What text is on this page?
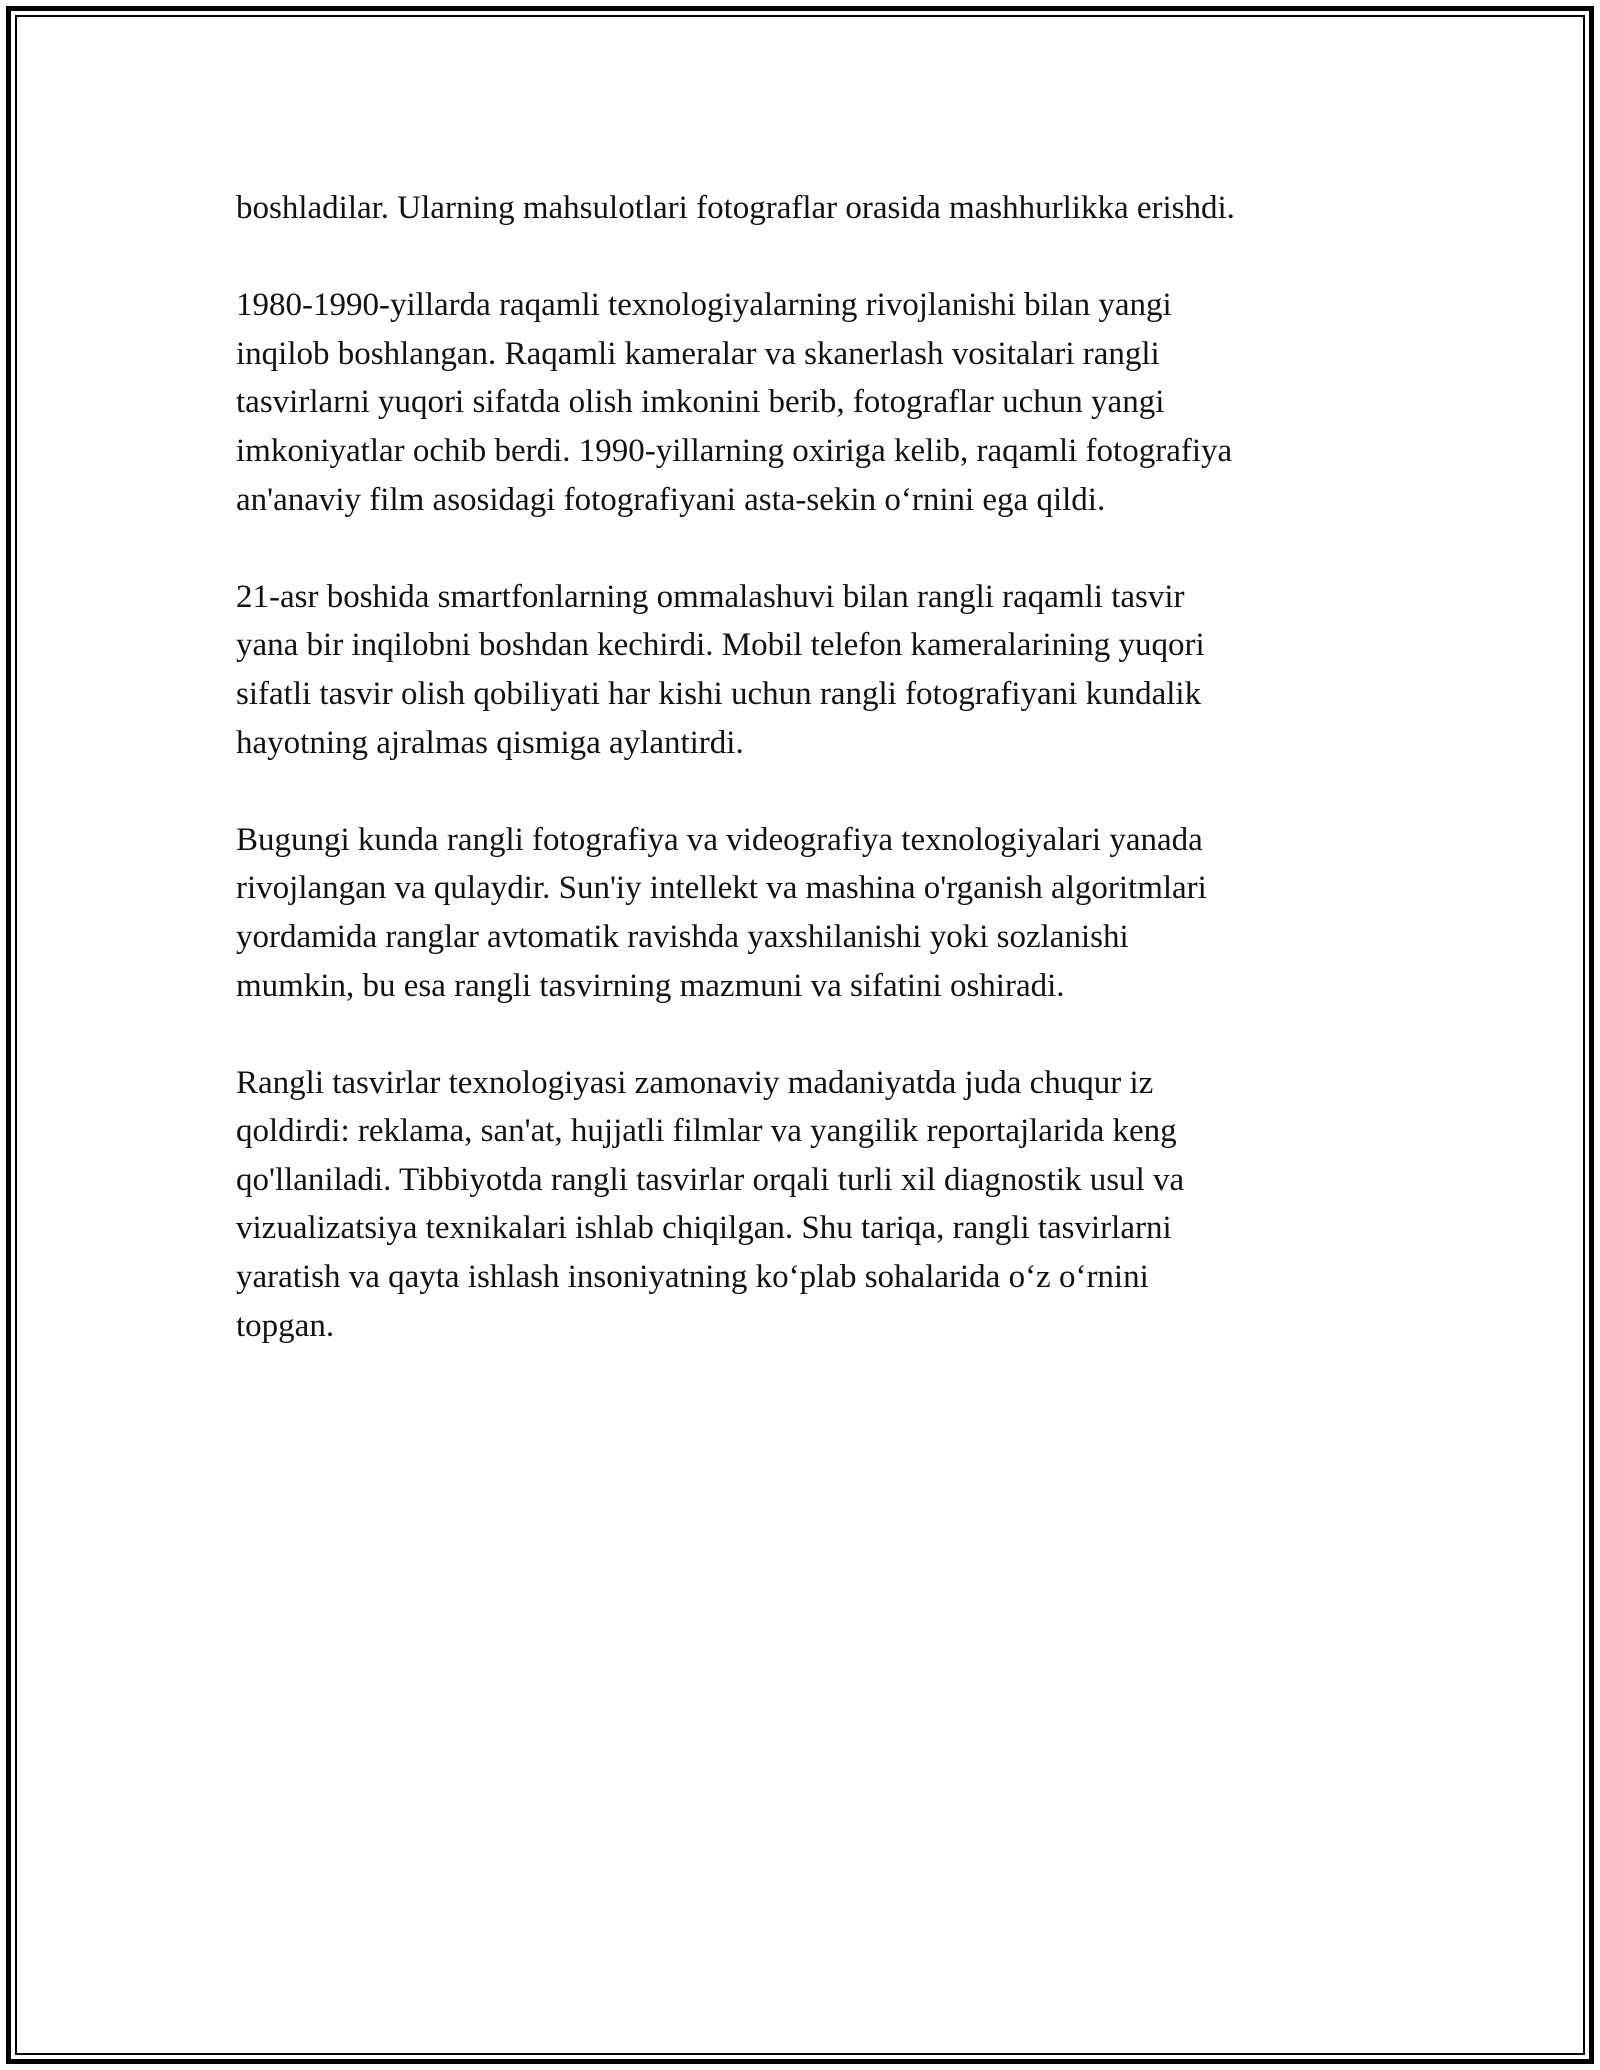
boshladilar. Ularning mahsulotlari fotograflar orasida mashhurlikka erishdi.

1980-1990-yillarda raqamli texnologiyalarning rivojlanishi bilan yangi
inqilob boshlangan. Raqamli kameralar va skanerlash vositalari rangli
tasvirlarni yuqori sifatda olish imkonini berib, fotograflar uchun yangi
imkoniyatlar ochib berdi. 1990-yillarning oxiriga kelib, raqamli fotografiya
an'anaviy film asosidagi fotografiyani asta-sekin o‘rnini ega qildi.

21-asr boshida smartfonlarning ommalashuvi bilan rangli raqamli tasvir
yana bir inqilobni boshdan kechirdi. Mobil telefon kameralarining yuqori
sifatli tasvir olish qobiliyati har kishi uchun rangli fotografiyani kundalik
hayotning ajralmas qismiga aylantirdi.

Bugungi kunda rangli fotografiya va videografiya texnologiyalari yanada
rivojlangan va qulaydir. Sun'iy intellekt va mashina o'rganish algoritmlari
yordamida ranglar avtomatik ravishda yaxshilanishi yoki sozlanishi
mumkin, bu esa rangli tasvirning mazmuni va sifatini oshiradi.

Rangli tasvirlar texnologiyasi zamonaviy madaniyatda juda chuqur iz
qoldirdi: reklama, san'at, hujjatli filmlar va yangilik reportajlarida keng
qo'llaniladi. Tibbiyotda rangli tasvirlar orqali turli xil diagnostik usul va
vizualizatsiya texnikalari ishlab chiqilgan. Shu tariqa, rangli tasvirlarni
yaratish va qayta ishlash insoniyatning ko‘plab sohalarida o‘z o‘rnini
topgan.
